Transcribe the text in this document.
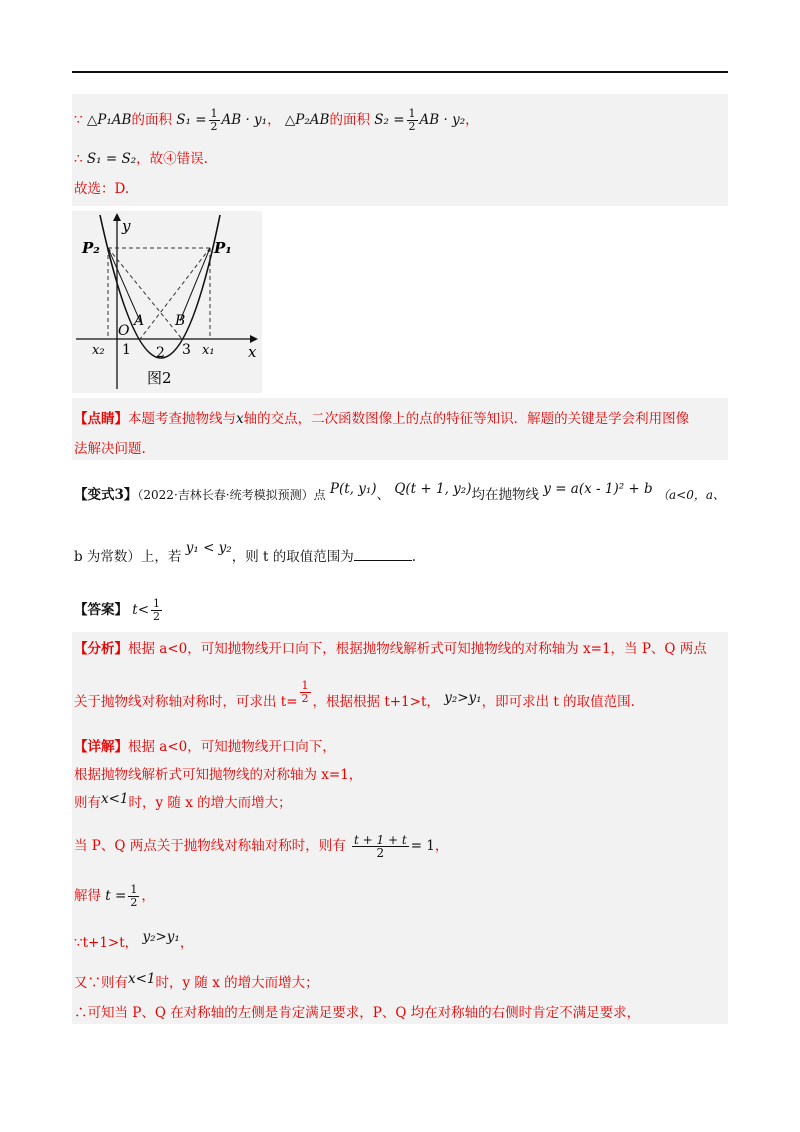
∵ △P₁AB的面积 $S_1 = \frac{1}{2}$ AB · y₁， △P₂AB的面积 $S_2 = \frac{1}{2}$ AB · y₂，
∴ S₁ = S₂，故④错误.
故选：D.
y
x
P₂	P₁
O
A B
x₂ 1 2 3 x₁
图2
【点睛】本题考查抛物线与x轴的交点，二次函数图像上的点的特征等知识．解题的关键是学会利用图像
法解决问题.
【变式3】（2022·吉林长春·统考模拟预测）点 P(t, y₁)、 Q(t + 1, y₂)均在抛物线 y = a(x - 1)² + b （a<0，a、
b 为常数）上，若 y₁ < y₂，则 t 的取值范围为	.
【答案】 $t< \frac{1}{2}$
【分析】根据 a<0，可知抛物线开口向下，根据抛物线解析式可知抛物线的对称轴为 x=1，当 P、Q 两点
关于抛物线对称轴对称时，可求出 $t= \frac{1}{2}$ ，根据根据 t+1>t， y₂>y₁，即可求出 t 的取值范围.
【详解】根据 a<0，可知抛物线开口向下，
根据抛物线解析式可知抛物线的对称轴为 x=1，
则有x<1时，y 随 x 的增大而增大；
当 P、Q 两点关于抛物线对称轴对称时，则有 $\frac{t + 1 + t}{2} = 1$，
解得 $t = \frac{1}{2}$ ，
∵t+1>t， y₂>y₁，
又∵则有x<1时，y 随 x 的增大而增大；
∴可知当 P、Q 在对称轴的左侧是肯定满足要求，P、Q 均在对称轴的右侧时肯定不满足要求，
